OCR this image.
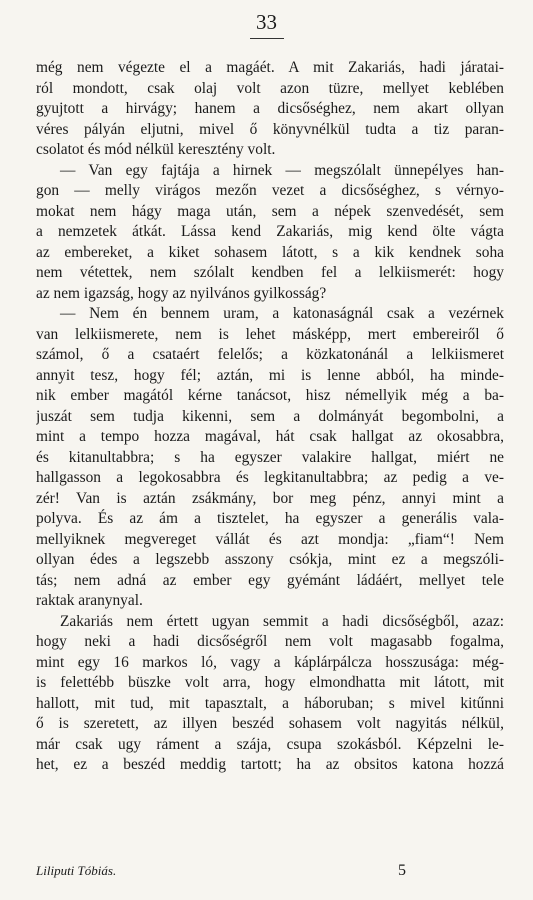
33
még nem végezte el a magáét. A mit Zakariás, hadi járatai-
ról mondott, csak olaj volt azon tüzre, mellyet keblében
gyujtott a hirvágy; hanem a dicsőséghez, nem akart ollyan
véres pályán eljutni, mivel ő könyvnélkül tudta a tiz paran-
csolatot és mód nélkül keresztény volt.
— Van egy fajtája a hirnek — megszólalt ünnepélyes han-
gon — melly virágos mezőn vezet a dicsőséghez, s vérnyo-
mokat nem hágy maga után, sem a népek szenvedését, sem
a nemzetek átkát. Lássa kend Zakariás, mig kend ölte vágta
az embereket, a kiket sohasem látott, s a kik kendnek soha
nem vétettek, nem szólalt kendben fel a lelkiismerét: hogy
az nem igazság, hogy az nyilvános gyilkosság?
— Nem én bennem uram, a katonaságnál csak a vezérnek
van lelkiismerete, nem is lehet másképp, mert embereiről ő
számol, ő a csataért felelős; a közkatonánál a lelkiismeret
annyit tesz, hogy fél; aztán, mi is lenne abból, ha minde-
nik ember magától kérne tanácsot, hisz némellyik még a ba-
juszát sem tudja kikenni, sem a dolmányát begombolni, a
mint a tempo hozza magával, hát csak hallgat az okosabbra,
és kitanultabbra; s ha egyszer valakire hallgat, miért ne
hallgasson a legokosabbra és legkitanultabbra; az pedig a ve-
zér! Van is aztán zsákmány, bor meg pénz, annyi mint a
polyva. És az ám a tisztelet, ha egyszer a generális vala-
mellyiknek megvereget vállát és azt mondja: „fiam“! Nem
ollyan édes a legszebb asszony csókja, mint ez a megszóli-
tás; nem adná az ember egy gyémánt ládáért, mellyet tele
raktak aranynyal.
Zakariás nem értett ugyan semmit a hadi dicsőségből, azaz:
hogy neki a hadi dicsőségről nem volt magasabb fogalma,
mint egy 16 markos ló, vagy a káplárpálcza hosszusága: még-
is felettébb büszke volt arra, hogy elmondhatta mit látott, mit
hallott, mit tud, mit tapasztalt, a háboruban; s mivel kitűnni
ő is szeretett, az illyen beszéd sohasem volt nagyitás nélkül,
már csak ugy ráment a szája, csupa szokásból. Képzelni le-
het, ez a beszéd meddig tartott; ha az obsitos katona hozzá
Liliputi Tóbiás.	5
